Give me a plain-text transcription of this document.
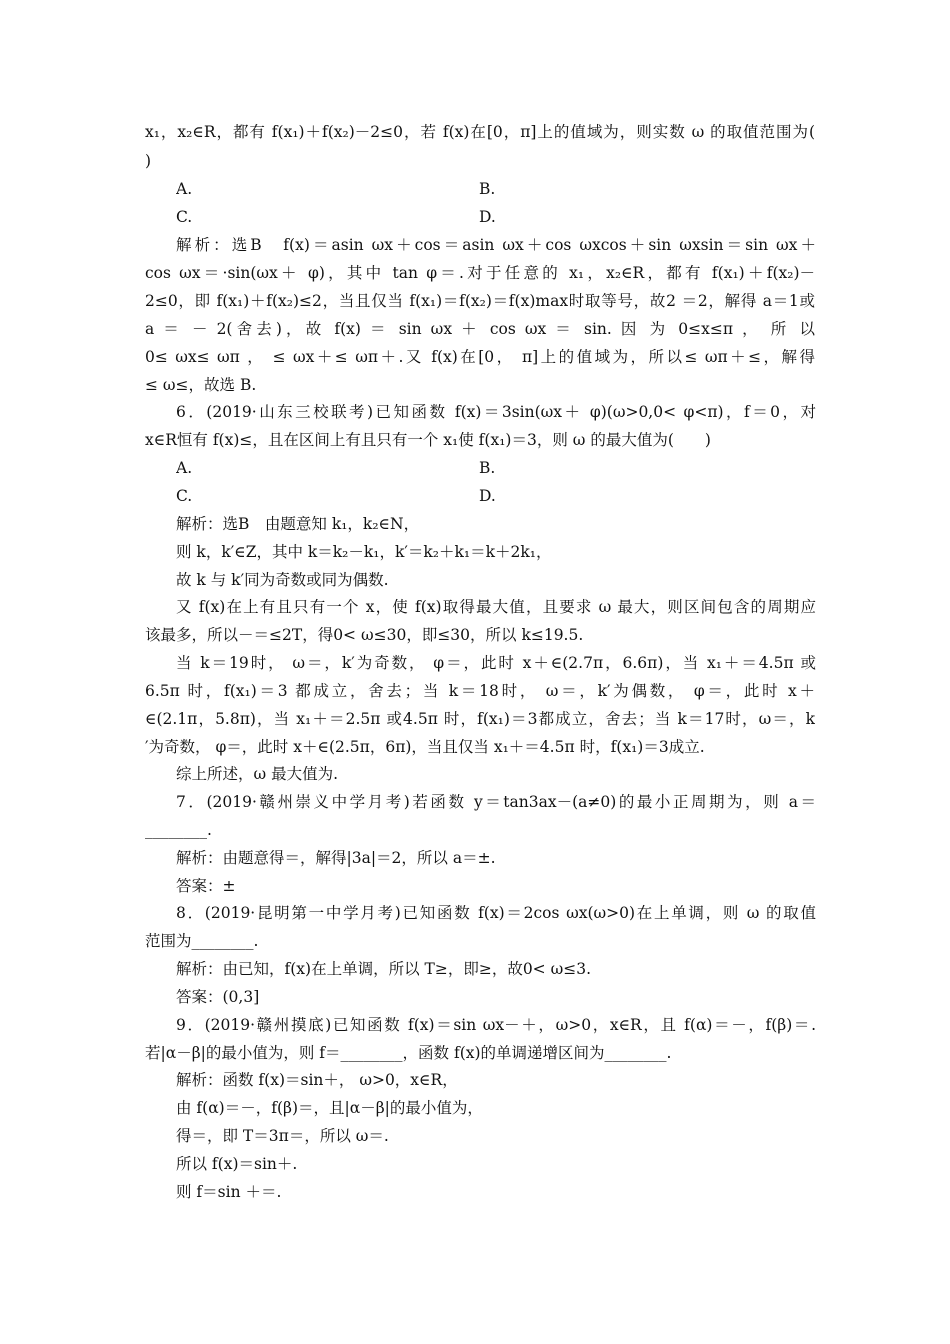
x₁，x₂∈R，都有 f(x₁)＋f(x₂)－2≤0，若 f(x)在[0，π]上的值域为，则实数 ω 的取值范围为(
)
A.	B.
C.	D.
解析：选B　f(x)＝asin ωx＋cos＝asin ωx＋cos ωxcos＋sin ωxsin＝sin ωx＋
cos ωx＝·sin(ωx＋ φ)，其中 tan φ＝.对于任意的 x₁，x₂∈R，都有 f(x₁)＋f(x₂)－
2≤0，即 f(x₁)＋f(x₂)≤2，当且仅当 f(x₁)＝f(x₂)＝f(x)max时取等号，故2 ＝2，解得 a＝1或
a ＝ － 2(舍去)，故 f(x) ＝ sin ωx ＋ cos ωx ＝ sin. 因 为 0≤x≤π ， 所 以
0≤ ωx≤ ωπ ， ≤ ωx＋≤ ωπ＋.又 f(x)在[0， π]上的值域为，所以≤ ωπ＋≤，解得
≤ ω≤，故选 B.
6．(2019·山东三校联考)已知函数 f(x)＝3sin(ωx＋ φ)(ω>0,0< φ<π)，f＝0，对
x∈R恒有 f(x)≤，且在区间上有且只有一个 x₁使 f(x₁)＝3，则 ω 的最大值为(　　)
A.	B.
C.	D.
解析：选B　由题意知 k₁，k₂∈N，
则 k，k′∈Z，其中 k＝k₂－k₁，k′＝k₂＋k₁＝k＋2k₁，
故 k 与 k′同为奇数或同为偶数.
又 f(x)在上有且只有一个 x，使 f(x)取得最大值，且要求 ω 最大，则区间包含的周期应
该最多，所以－＝≤2T，得0< ω≤30，即≤30，所以 k≤19.5.
当 k＝19时， ω＝，k′为奇数， φ＝，此时 x＋∈(2.7π，6.6π)，当 x₁＋＝4.5π 或
6.5π 时，f(x₁)＝3 都成立，舍去；当 k＝18时， ω＝，k′为偶数， φ＝，此时 x＋
∈(2.1π，5.8π)，当 x₁＋＝2.5π 或4.5π 时，f(x₁)＝3都成立，舍去；当 k＝17时，ω＝，k
′为奇数， φ＝，此时 x＋∈(2.5π，6π)，当且仅当 x₁＋＝4.5π 时，f(x₁)＝3成立.
综上所述，ω 最大值为.
7．(2019·赣州崇义中学月考)若函数 y＝tan3ax－(a≠0)的最小正周期为，则 a＝
________.
解析：由题意得＝，解得|3a|＝2，所以 a＝±.
答案：±
8．(2019·昆明第一中学月考)已知函数 f(x)＝2cos ωx(ω>0)在上单调，则 ω 的取值
范围为________.
解析：由已知，f(x)在上单调，所以 T≥，即≥，故0< ω≤3.
答案：(0,3]
9．(2019·赣州摸底)已知函数 f(x)＝sin ωx－＋，ω>0，x∈R，且 f(α)＝－，f(β)＝.
若|α－β|的最小值为，则 f＝________，函数 f(x)的单调递增区间为________.
解析：函数 f(x)＝sin＋， ω>0，x∈R，
由 f(α)＝－，f(β)＝，且|α－β|的最小值为，
得＝，即 T＝3π＝，所以 ω＝.
所以 f(x)＝sin＋.
则 f＝sin ＋＝.
